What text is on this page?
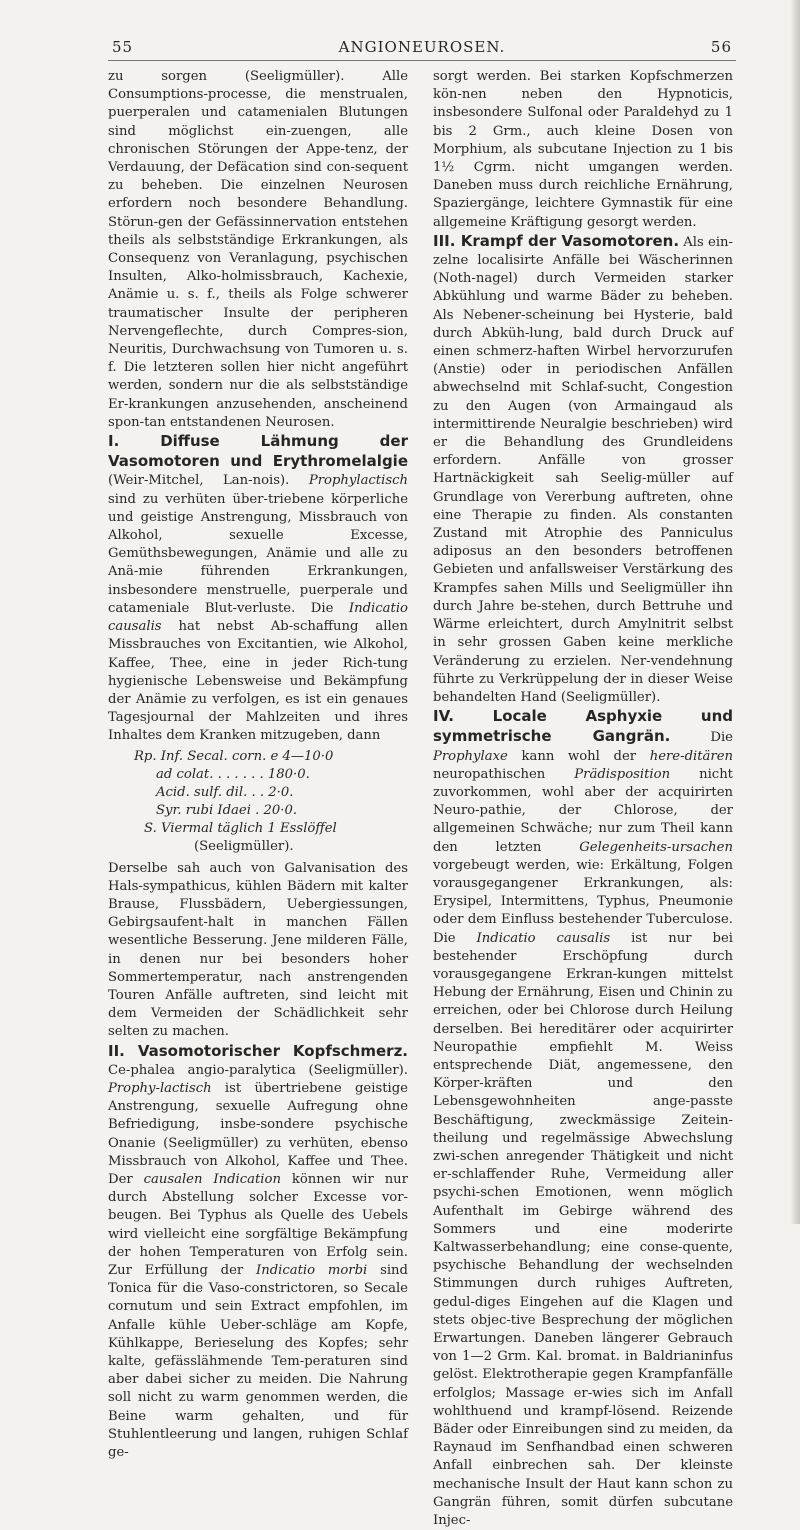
55	ANGIONEUROSEN.	56

zu sorgen (Seeligmüller). Alle Consumptions-processe, die menstrualen, puerperalen und catamenialen Blutungen sind möglichst ein-zuengen, alle chronischen Störungen der Appe-tenz, der Verdauung, der Defäcation sind con-sequent zu beheben. Die einzelnen Neurosen erfordern noch besondere Behandlung. Störun-gen der Gefässinnervation entstehen theils als selbstständige Erkrankungen, als Consequenz von Veranlagung, psychischen Insulten, Alko-holmissbrauch, Kachexie, Anämie u. s. f., theils als Folge schwerer traumatischer Insulte der peripheren Nervengeflechte, durch Compres-sion, Neuritis, Durchwachsung von Tumoren u. s. f. Die letzteren sollen hier nicht angeführt werden, sondern nur die als selbstständige Er-krankungen anzusehenden, anscheinend spon-tan entstandenen Neurosen.

I. Diffuse Lähmung der Vasomotoren und Erythromelalgie (Weir-Mitchel, Lan-nois). Prophylactisch sind zu verhüten über-triebene körperliche und geistige Anstrengung, Missbrauch von Alkohol, sexuelle Excesse, Gemüthsbewegungen, Anämie und alle zu Anä-mie führenden Erkrankungen, insbesondere menstruelle, puerperale und catameniale Blut-verluste. Die Indicatio causalis hat nebst Ab-schaffung allen Missbrauches von Excitantien, wie Alkohol, Kaffee, Thee, eine in jeder Rich-tung hygienische Lebensweise und Bekämpfung der Anämie zu verfolgen, es ist ein genaues Tagesjournal der Mahlzeiten und ihres Inhaltes dem Kranken mitzugeben, dann

Rp. Inf. Secal. corn. e 4—10·0
ad colat. . . . . . . 180·0.
Acid. sulf. dil. . . 2·0.
Syr. rubi Idaei . 20·0.
S. Viermal täglich 1 Esslöffel
(Seeligmüller).

Derselbe sah auch von Galvanisation des Hals-sympathicus, kühlen Bädern mit kalter Brause, Flussbädern, Uebergiessungen, Gebirgsaufent-halt in manchen Fällen wesentliche Besserung. Jene milderen Fälle, in denen nur bei besonders hoher Sommertemperatur, nach anstrengenden Touren Anfälle auftreten, sind leicht mit dem Vermeiden der Schädlichkeit sehr selten zu machen.

II. Vasomotorischer Kopfschmerz. Ce-phalea angio-paralytica (Seeligmüller). Prophy-lactisch ist übertriebene geistige Anstrengung, sexuelle Aufregung ohne Befriedigung, insbe-sondere psychische Onanie (Seeligmüller) zu verhüten, ebenso Missbrauch von Alkohol, Kaffee und Thee. Der causalen Indication können wir nur durch Abstellung solcher Excesse vor-beugen. Bei Typhus als Quelle des Uebels wird vielleicht eine sorgfältige Bekämpfung der hohen Temperaturen von Erfolg sein. Zur Erfüllung der Indicatio morbi sind Tonica für die Vaso-constrictoren, so Secale cornutum und sein Extract empfohlen, im Anfalle kühle Ueber-schläge am Kopfe, Kühlkappe, Berieselung des Kopfes; sehr kalte, gefässlähmende Tem-peraturen sind aber dabei sicher zu meiden. Die Nahrung soll nicht zu warm genommen werden, die Beine warm gehalten, und für Stuhlentleerung und langen, ruhigen Schlaf ge-

sorgt werden. Bei starken Kopfschmerzen kön-nen neben den Hypnoticis, insbesondere Sulfonal oder Paraldehyd zu 1 bis 2 Grm., auch kleine Dosen von Morphium, als subcutane Injection zu 1 bis 1½ Cgrm. nicht umgangen werden. Daneben muss durch reichliche Ernährung, Spaziergänge, leichtere Gymnastik für eine allgemeine Kräftigung gesorgt werden.

III. Krampf der Vasomotoren. Als ein-zelne localisirte Anfälle bei Wäscherinnen (Noth-nagel) durch Vermeiden starker Abkühlung und warme Bäder zu beheben. Als Nebener-scheinung bei Hysterie, bald durch Abküh-lung, bald durch Druck auf einen schmerz-haften Wirbel hervorzurufen (Anstie) oder in periodischen Anfällen abwechselnd mit Schlaf-sucht, Congestion zu den Augen (von Armaingaud als intermittirende Neuralgie beschrieben) wird er die Behandlung des Grundleidens erfordern. Anfälle von grosser Hartnäckigkeit sah Seelig-müller auf Grundlage von Vererbung auftreten, ohne eine Therapie zu finden. Als constanten Zustand mit Atrophie des Panniculus adiposus an den besonders betroffenen Gebieten und anfallsweiser Verstärkung des Krampfes sahen Mills und Seeligmüller ihn durch Jahre be-stehen, durch Bettruhe und Wärme erleichtert, durch Amylnitrit selbst in sehr grossen Gaben keine merkliche Veränderung zu erzielen. Ner-vendehnung führte zu Verkrüppelung der in dieser Weise behandelten Hand (Seeligmüller).

IV. Locale Asphyxie und symmetrische Gangrän.	Die Prophylaxe kann wohl der here-ditären neuropathischen Prädisposition nicht zuvorkommen, wohl aber der acquirirten Neuro-pathie, der Chlorose, der allgemeinen Schwäche; nur zum Theil kann den letzten	Gelegenheits-ursachen vorgebeugt werden, wie: Erkältung, Folgen vorausgegangener Erkrankungen, als: Erysipel, Intermittens, Typhus, Pneumonie oder dem Einfluss bestehender Tuberculose. Die Indicatio causalis ist nur bei bestehender Erschöpfung durch vorausgegangene Erkran-kungen mittelst Hebung der Ernährung, Eisen und Chinin zu erreichen, oder bei Chlorose durch Heilung derselben. Bei hereditärer oder acquirirter Neuropathie empfiehlt M. Weiss entsprechende Diät, angemessene, den Körper-kräften und den Lebensgewohnheiten ange-passte Beschäftigung, zweckmässige Zeitein-theilung und regelmässige Abwechslung zwi-schen anregender Thätigkeit und nicht er-schlaffender Ruhe, Vermeidung aller psychi-schen Emotionen, wenn möglich Aufenthalt im Gebirge während des Sommers und eine moderirte Kaltwasserbehandlung; eine conse-quente, psychische Behandlung der wechselnden Stimmungen durch ruhiges Auftreten, gedul-diges Eingehen auf die Klagen und stets objec-tive Besprechung der möglichen Erwartungen. Daneben längerer Gebrauch von 1—2 Grm. Kal. bromat. in Baldrianinfus gelöst. Elektrotherapie gegen Krampfanfälle erfolglos; Massage er-wies sich im Anfall wohlthuend und krampf-lösend. Reizende Bäder oder Einreibungen sind zu meiden, da Raynaud im Senfhandbad einen schweren Anfall einbrechen sah. Der kleinste mechanische Insult der Haut kann schon zu Gangrän führen, somit dürfen subcutane Injec-
